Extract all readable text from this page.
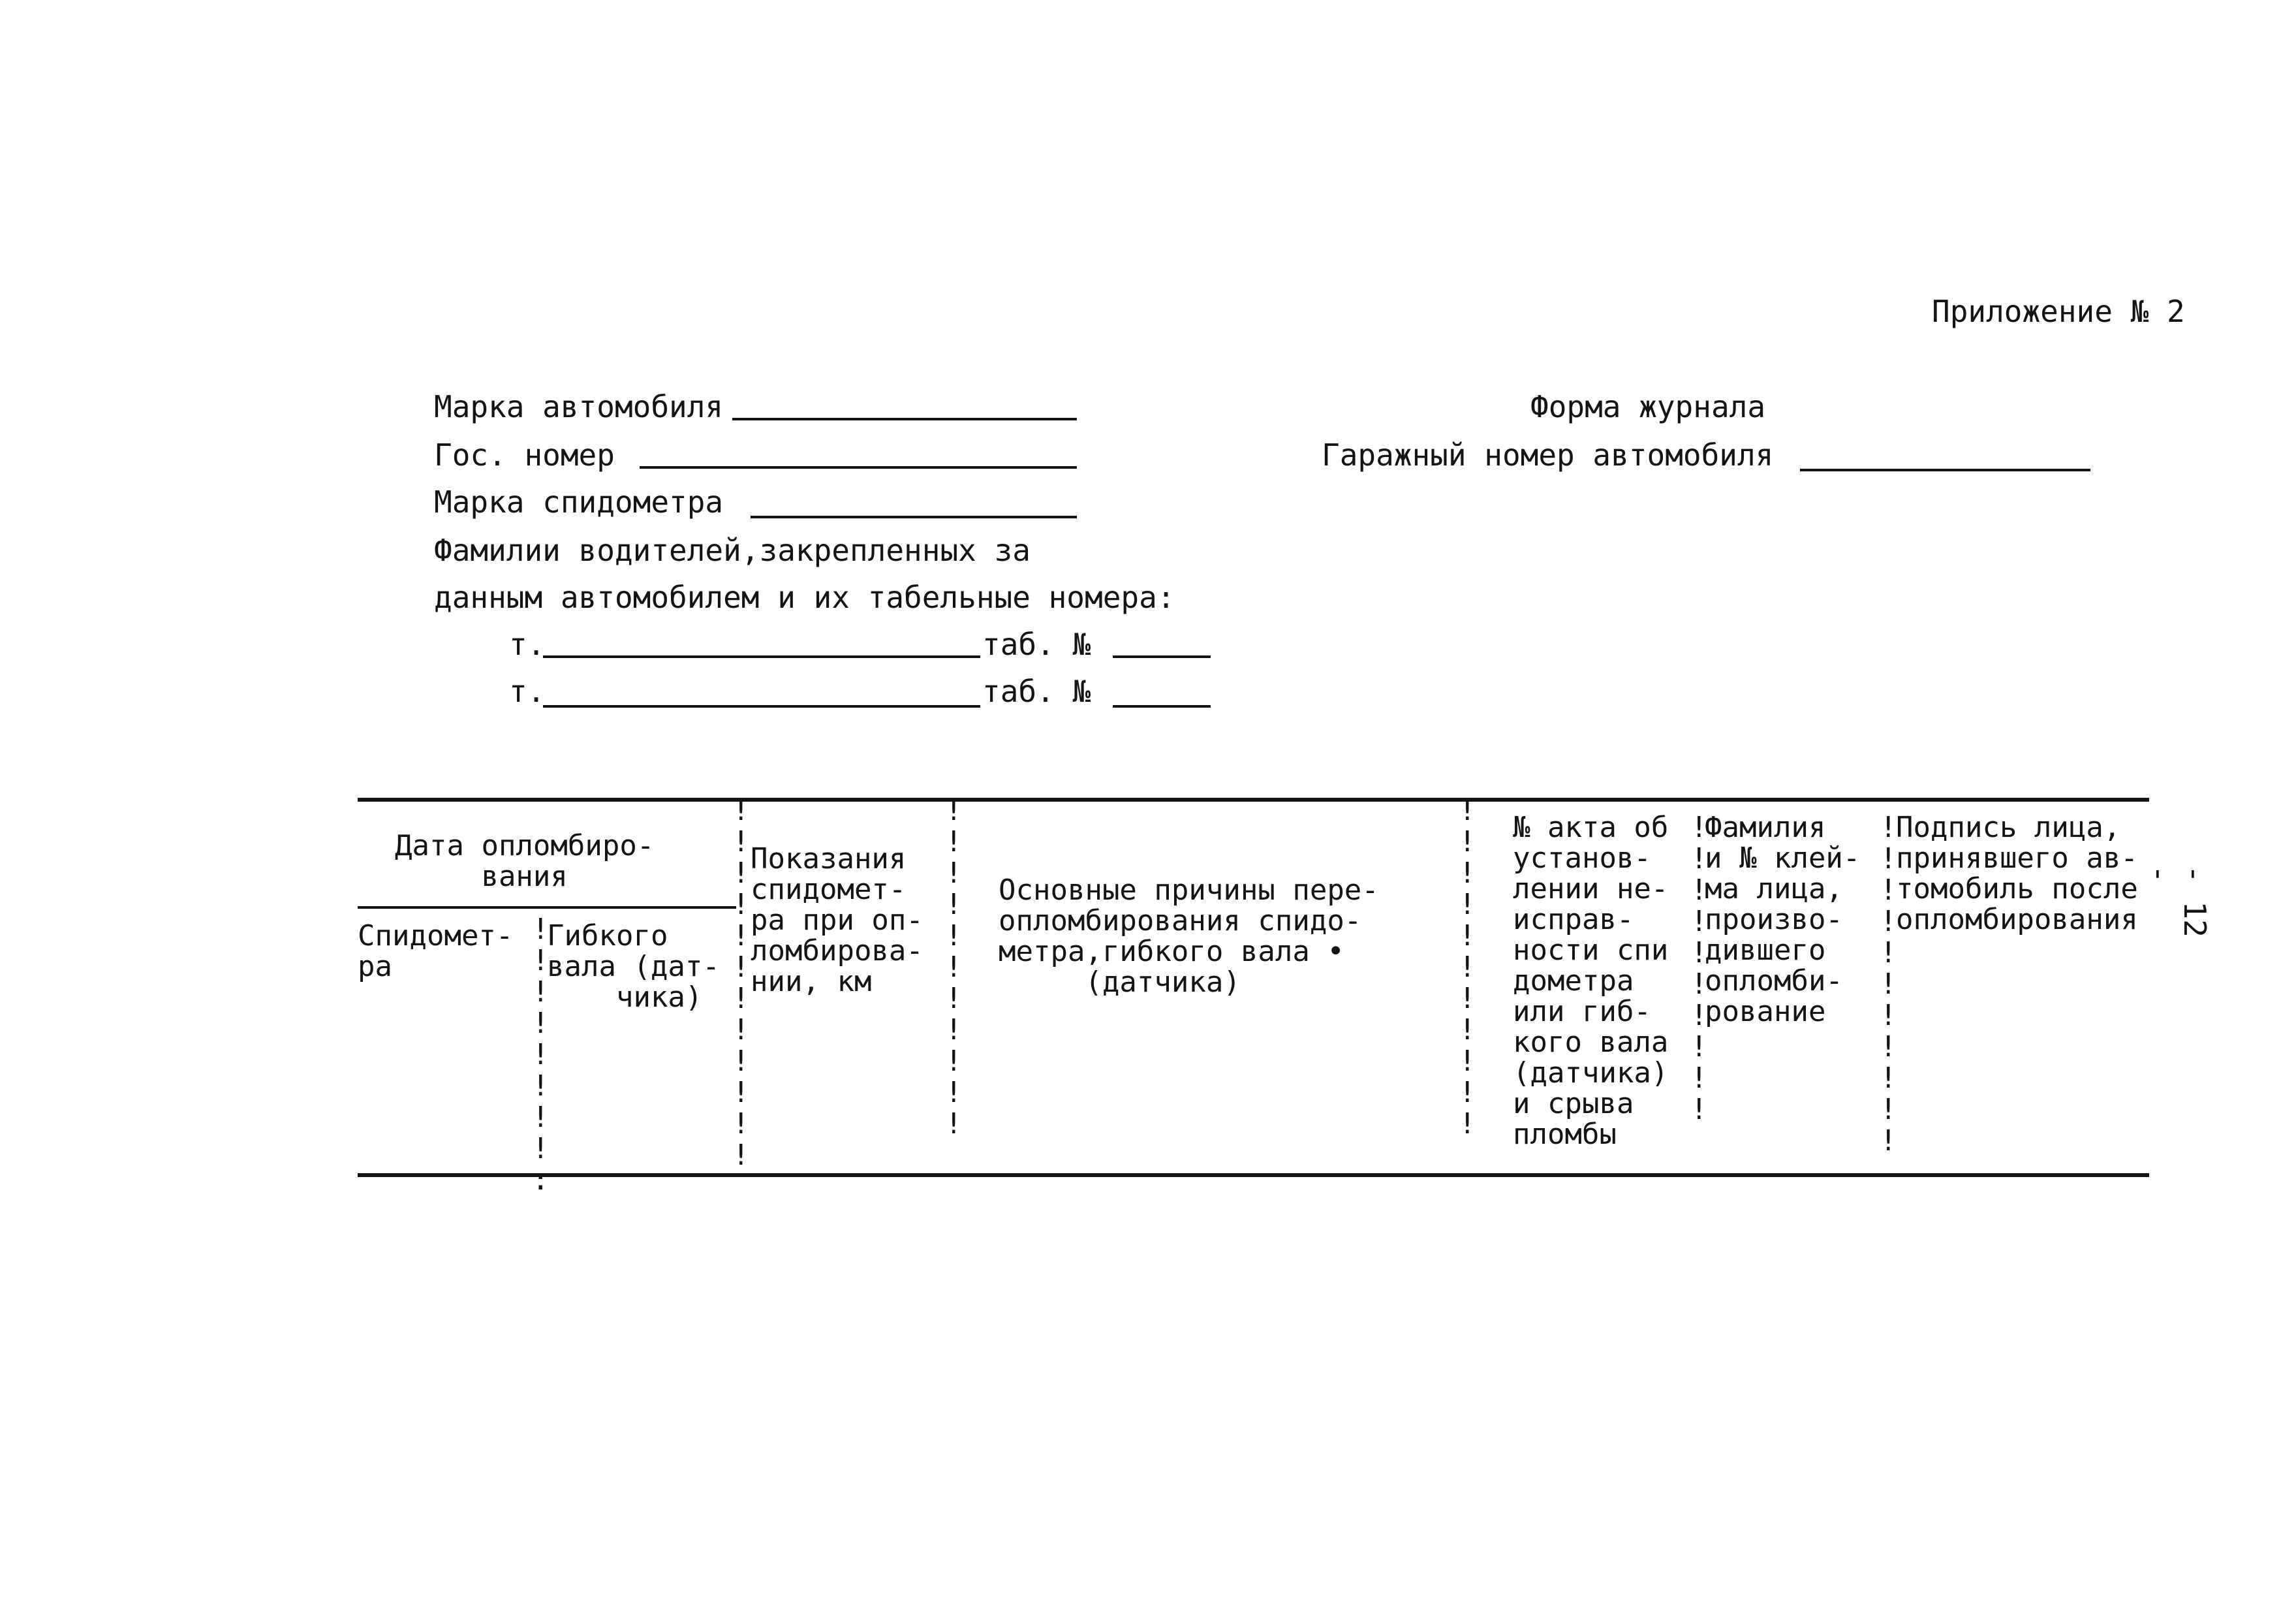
Приложение № 2
Марка автомобиля
Гос. номер
Марка спидометра
Фамилии водителей,закрепленных за
данным автомобилем и их табельные номера:
т.	таб. №
т.	таб. №
Форма журнала
Гаражный номер автомобиля
Дата опломбиро-
вания
Спидомет-
ра
Гибкого
вала (дат-
чика)
Показания
спидомет-
ра при оп-
ломбирова-
нии, км
Основные причины пере-
опломбирования спидо-
метра,гибкого вала •
(датчика)
№ акта об
установ-
лении не-
исправ-
ности спи
дометра
или гиб-
кого вала
(датчика)
и срыва
пломбы
Фамилия
и № клей-
ма лица,
произво-
дившего
опломби-
рование
Подпись лица,
принявшего ав-
томобиль после
опломбирования
!
!
!
!
!
!
!
!
:
!
!
!
!
!
!
!
!
!
!
!
!
!
!
!
!
!
!
!
!
!
!
!
!
!
!
!
!
!
!
!
!
!
!
!
!
!
!
!
!
!
!
!
!
!
!
!
!
!
!
!
!
!
!
!
- 12 -
